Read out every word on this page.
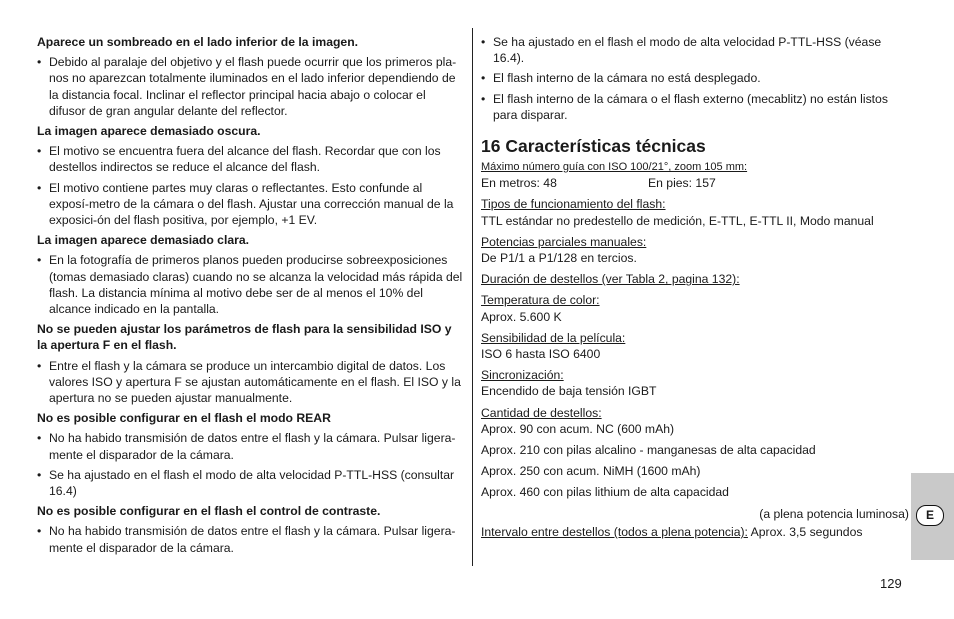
Aparece un sombreado en el lado inferior de la imagen.
• Debido al paralaje del objetivo y el flash puede ocurrir que los primeros pla-nos no aparezcan totalmente iluminados en el lado inferior dependiendo de la distancia focal. Inclinar el reflector principal hacia abajo o colocar el difusor de gran angular delante del reflector.
La imagen aparece demasiado oscura.
• El motivo se encuentra fuera del alcance del flash. Recordar que con los destellos indirectos se reduce el alcance del flash.
• El motivo contiene partes muy claras o reflectantes. Esto confunde al exposí-metro de la cámara o del flash. Ajustar una corrección manual de la exposici-ón del flash positiva, por ejemplo, +1 EV.
La imagen aparece demasiado clara.
• En la fotografía de primeros planos pueden producirse sobreexposiciones (tomas demasiado claras) cuando no se alcanza la velocidad más rápida del flash. La distancia mínima al motivo debe ser de al menos el 10% del alcance indicado en la pantalla.
No se pueden ajustar los parámetros de flash para la sensibilidad ISO y la apertura F en el flash.
• Entre el flash y la cámara se produce un intercambio digital de datos. Los valores ISO y apertura F se ajustan automáticamente en el flash. El ISO y la apertura no se pueden ajustar manualmente.
No es posible configurar en el flash el modo REAR
• No ha habido transmisión de datos entre el flash y la cámara. Pulsar ligera-mente el disparador de la cámara.
• Se ha ajustado en el flash el modo de alta velocidad P-TTL-HSS (consultar 16.4)
No es posible configurar en el flash el control de contraste.
• No ha habido transmisión de datos entre el flash y la cámara. Pulsar ligera-mente el disparador de la cámara.
• Se ha ajustado en el flash el modo de alta velocidad P-TTL-HSS (véase 16.4).
• El flash interno de la cámara no está desplegado.
• El flash interno de la cámara o el flash externo (mecablitz) no están listos para disparar.
16 Características técnicas
Máximo número guía con ISO 100/21°, zoom 105 mm:
En metros: 48	En pies: 157
Tipos de funcionamiento del flash:
TTL estándar no predestello de medición, E-TTL, E-TTL II, Modo manual
Potencias parciales manuales:
De P1/1 a P1/128 en tercios.
Duración de destellos (ver Tabla 2, pagina 132):
Temperatura de color:
Aprox. 5.600 K
Sensibilidad de la película:
ISO 6 hasta ISO 6400
Sincronización:
Encendido de baja tensión IGBT
Cantidad de destellos:
Aprox. 90 con acum. NC (600 mAh)
Aprox. 210 con pilas alcalino - manganesas de alta capacidad
Aprox. 250 con acum. NiMH (1600 mAh)
Aprox. 460 con pilas lithium de alta capacidad
(a plena potencia luminosa)
Intervalo entre destellos (todos a plena potencia): Aprox. 3,5 segundos
E
129
